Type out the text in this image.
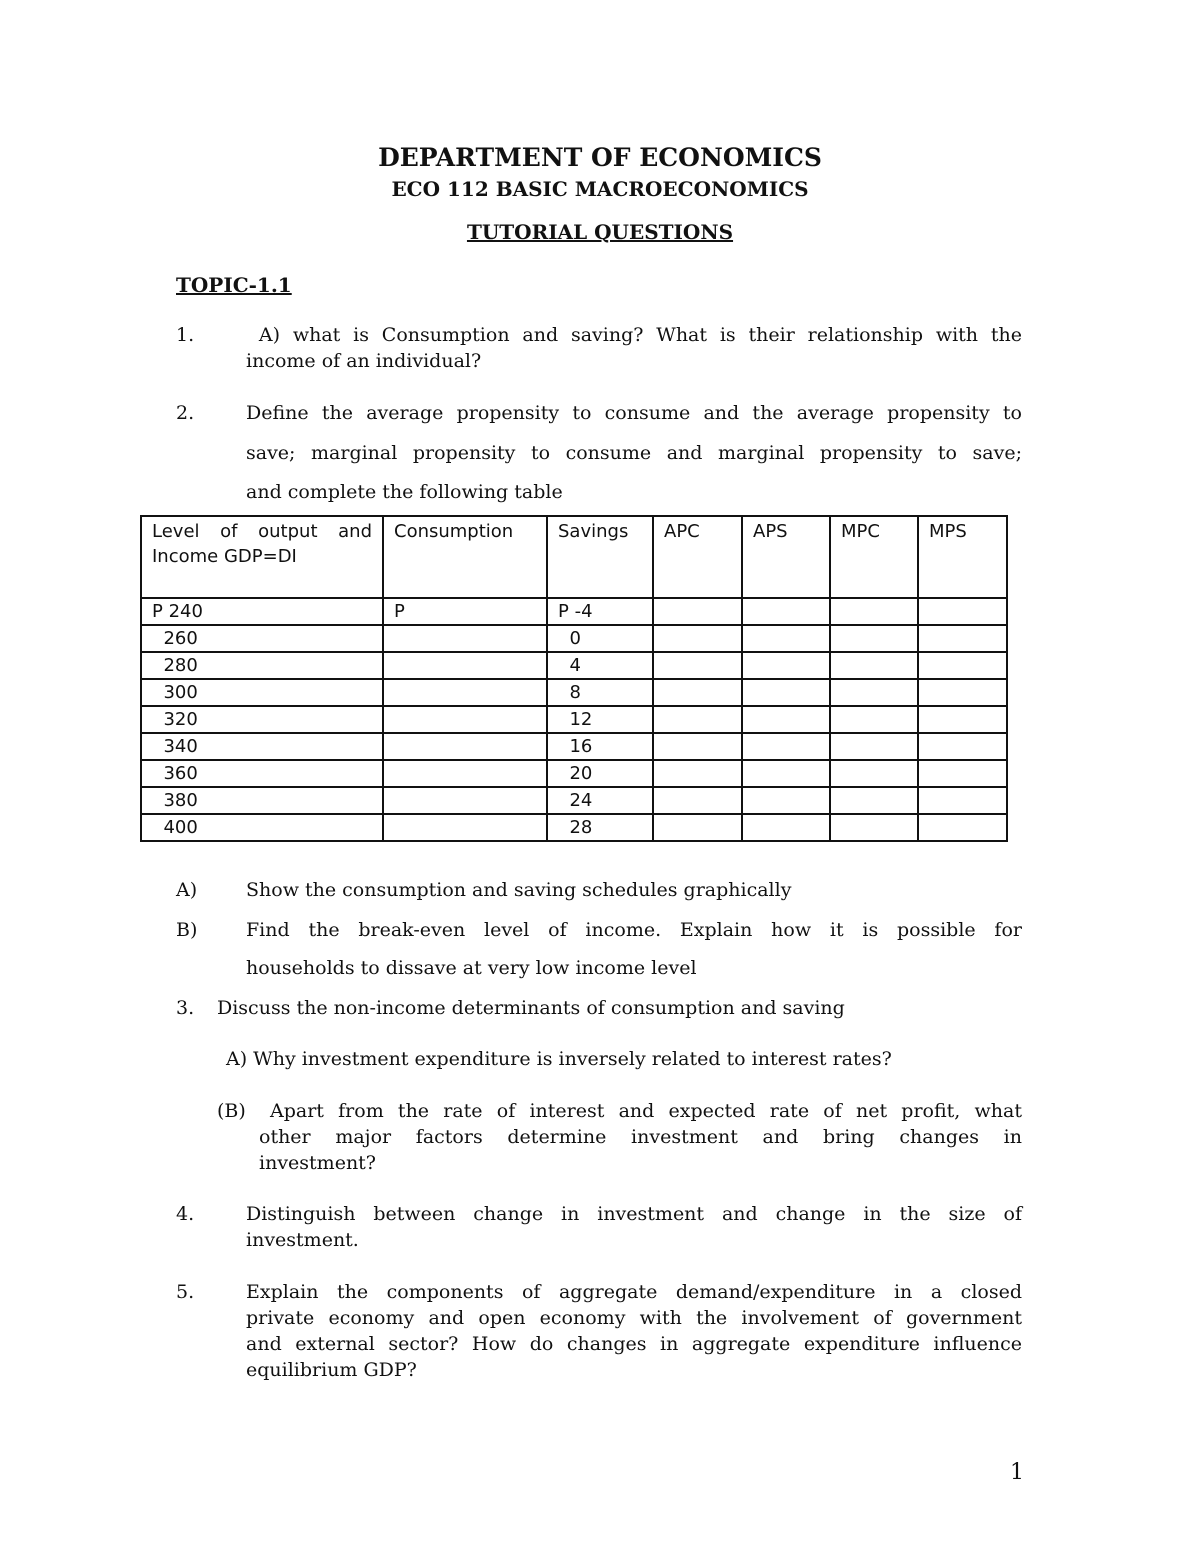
DEPARTMENT OF ECONOMICS
ECO 112 BASIC MACROECONOMICS
TUTORIAL QUESTIONS
TOPIC-1.1
1.	A) what is Consumption and saving? What is their relationship with the
income of an individual?
2.	Define the average propensity to consume and the average propensity to
save; marginal propensity to consume and marginal propensity to save;
and complete the following table
Level of output and Income GDP=DI	Consumption	Savings	APC	APS	MPC	MPS
P 240	P	P -4				
260		0				
280		4				
300		8				
320		12				
340		16				
360		20				
380		24				
400		28				
A)	Show the consumption and saving schedules graphically
B)	Find the break-even level of income. Explain how it is possible for
households to dissave at very low income level
3. Discuss the non-income determinants of consumption and saving
A) Why investment expenditure is inversely related to interest rates?
(B) Apart from the rate of interest and expected rate of net profit, what
other major factors determine investment and bring changes in
investment?
4.	Distinguish between change in investment and change in the size of
investment.
5.	Explain the components of aggregate demand/expenditure in a closed
private economy and open economy with the involvement of government
and external sector? How do changes in aggregate expenditure influence
equilibrium GDP?
1
